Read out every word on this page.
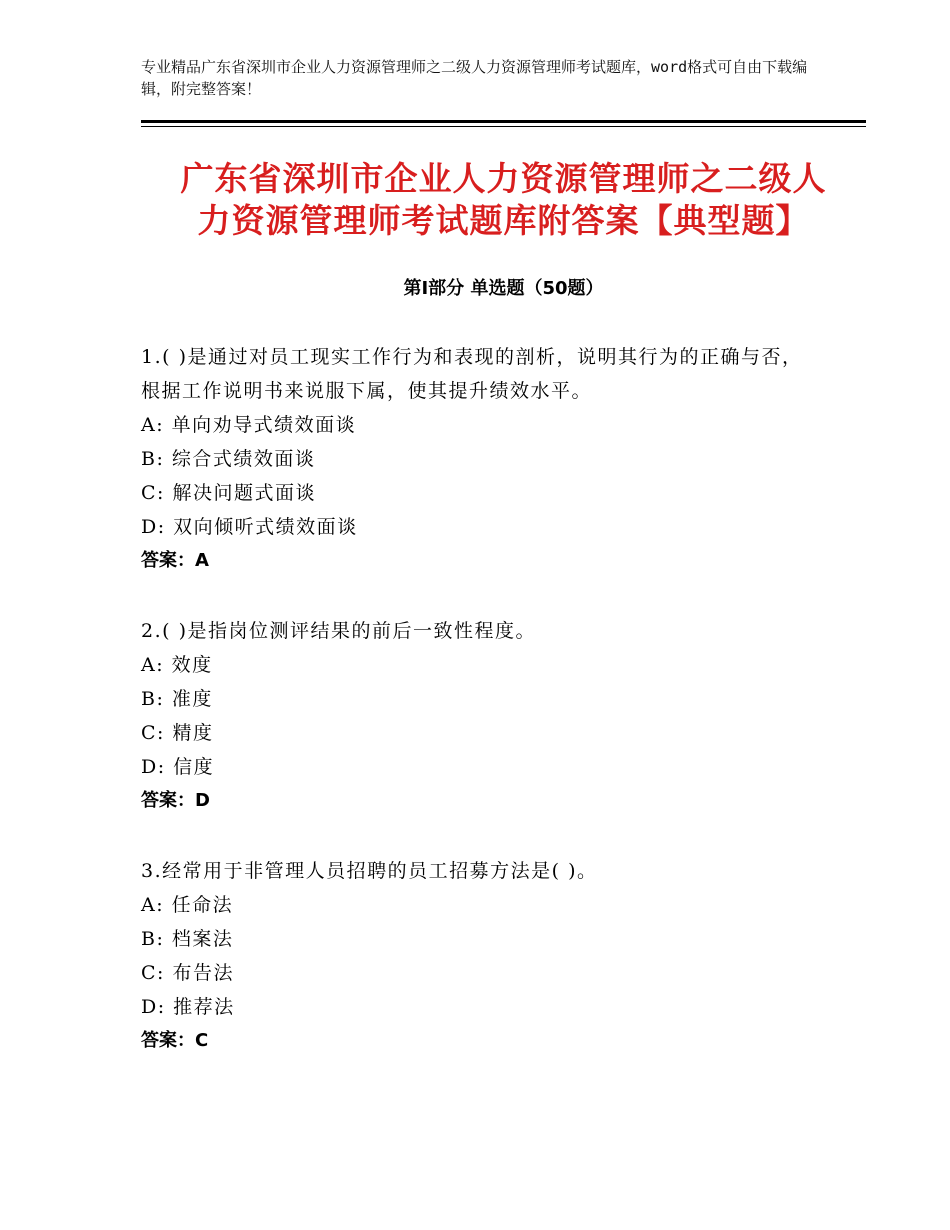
专业精品广东省深圳市企业人力资源管理师之二级人力资源管理师考试题库，word格式可自由下载编辑，附完整答案！
广东省深圳市企业人力资源管理师之二级人
力资源管理师考试题库附答案【典型题】
第Ⅰ部分 单选题（50题）

1.( )是通过对员工现实工作行为和表现的剖析，说明其行为的正确与否，根据工作说明书来说服下属，使其提升绩效水平。

A: 单向劝导式绩效面谈

B: 综合式绩效面谈

C: 解决问题式面谈

D: 双向倾听式绩效面谈

答案：A

2.( )是指岗位测评结果的前后一致性程度。

A: 效度

B: 准度

C: 精度

D: 信度

答案：D

3.经常用于非管理人员招聘的员工招募方法是( )。

A: 任命法

B: 档案法

C: 布告法

D: 推荐法

答案：C
